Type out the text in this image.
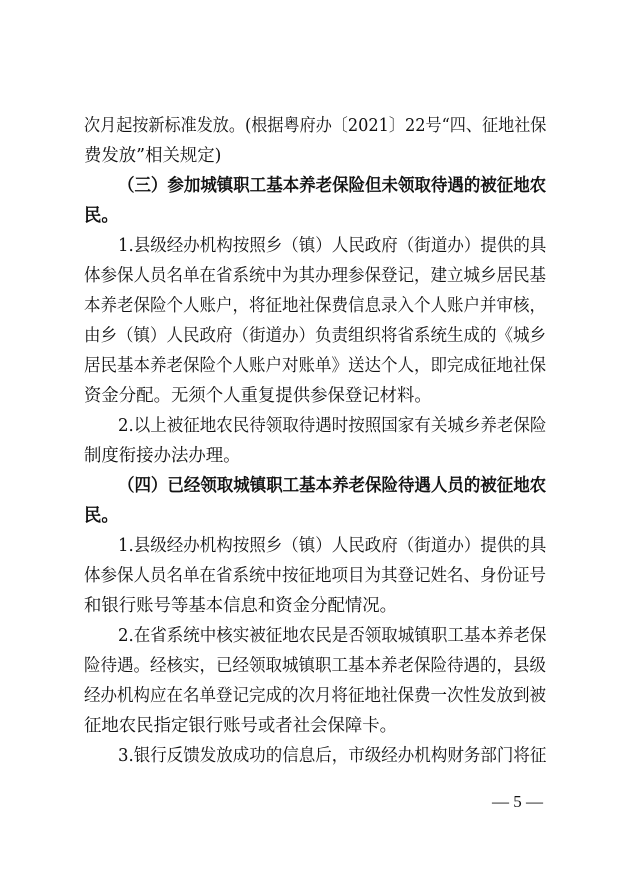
次月起按新标准发放。(根据粤府办〔2021〕22号“四、征地社保
费发放”相关规定)
（三）参加城镇职工基本养老保险但未领取待遇的被征地农
民。
1.县级经办机构按照乡（镇）人民政府（街道办）提供的具
体参保人员名单在省系统中为其办理参保登记，建立城乡居民基
本养老保险个人账户，将征地社保费信息录入个人账户并审核，
由乡（镇）人民政府（街道办）负责组织将省系统生成的《城乡
居民基本养老保险个人账户对账单》送达个人，即完成征地社保
资金分配。无须个人重复提供参保登记材料。
2.以上被征地农民待领取待遇时按照国家有关城乡养老保险
制度衔接办法办理。
（四）已经领取城镇职工基本养老保险待遇人员的被征地农
民。
1.县级经办机构按照乡（镇）人民政府（街道办）提供的具
体参保人员名单在省系统中按征地项目为其登记姓名、身份证号
和银行账号等基本信息和资金分配情况。
2.在省系统中核实被征地农民是否领取城镇职工基本养老保
险待遇。经核实，已经领取城镇职工基本养老保险待遇的，县级
经办机构应在名单登记完成的次月将征地社保费一次性发放到被
征地农民指定银行账号或者社会保障卡。
3.银行反馈发放成功的信息后，市级经办机构财务部门将征
— 5 —
